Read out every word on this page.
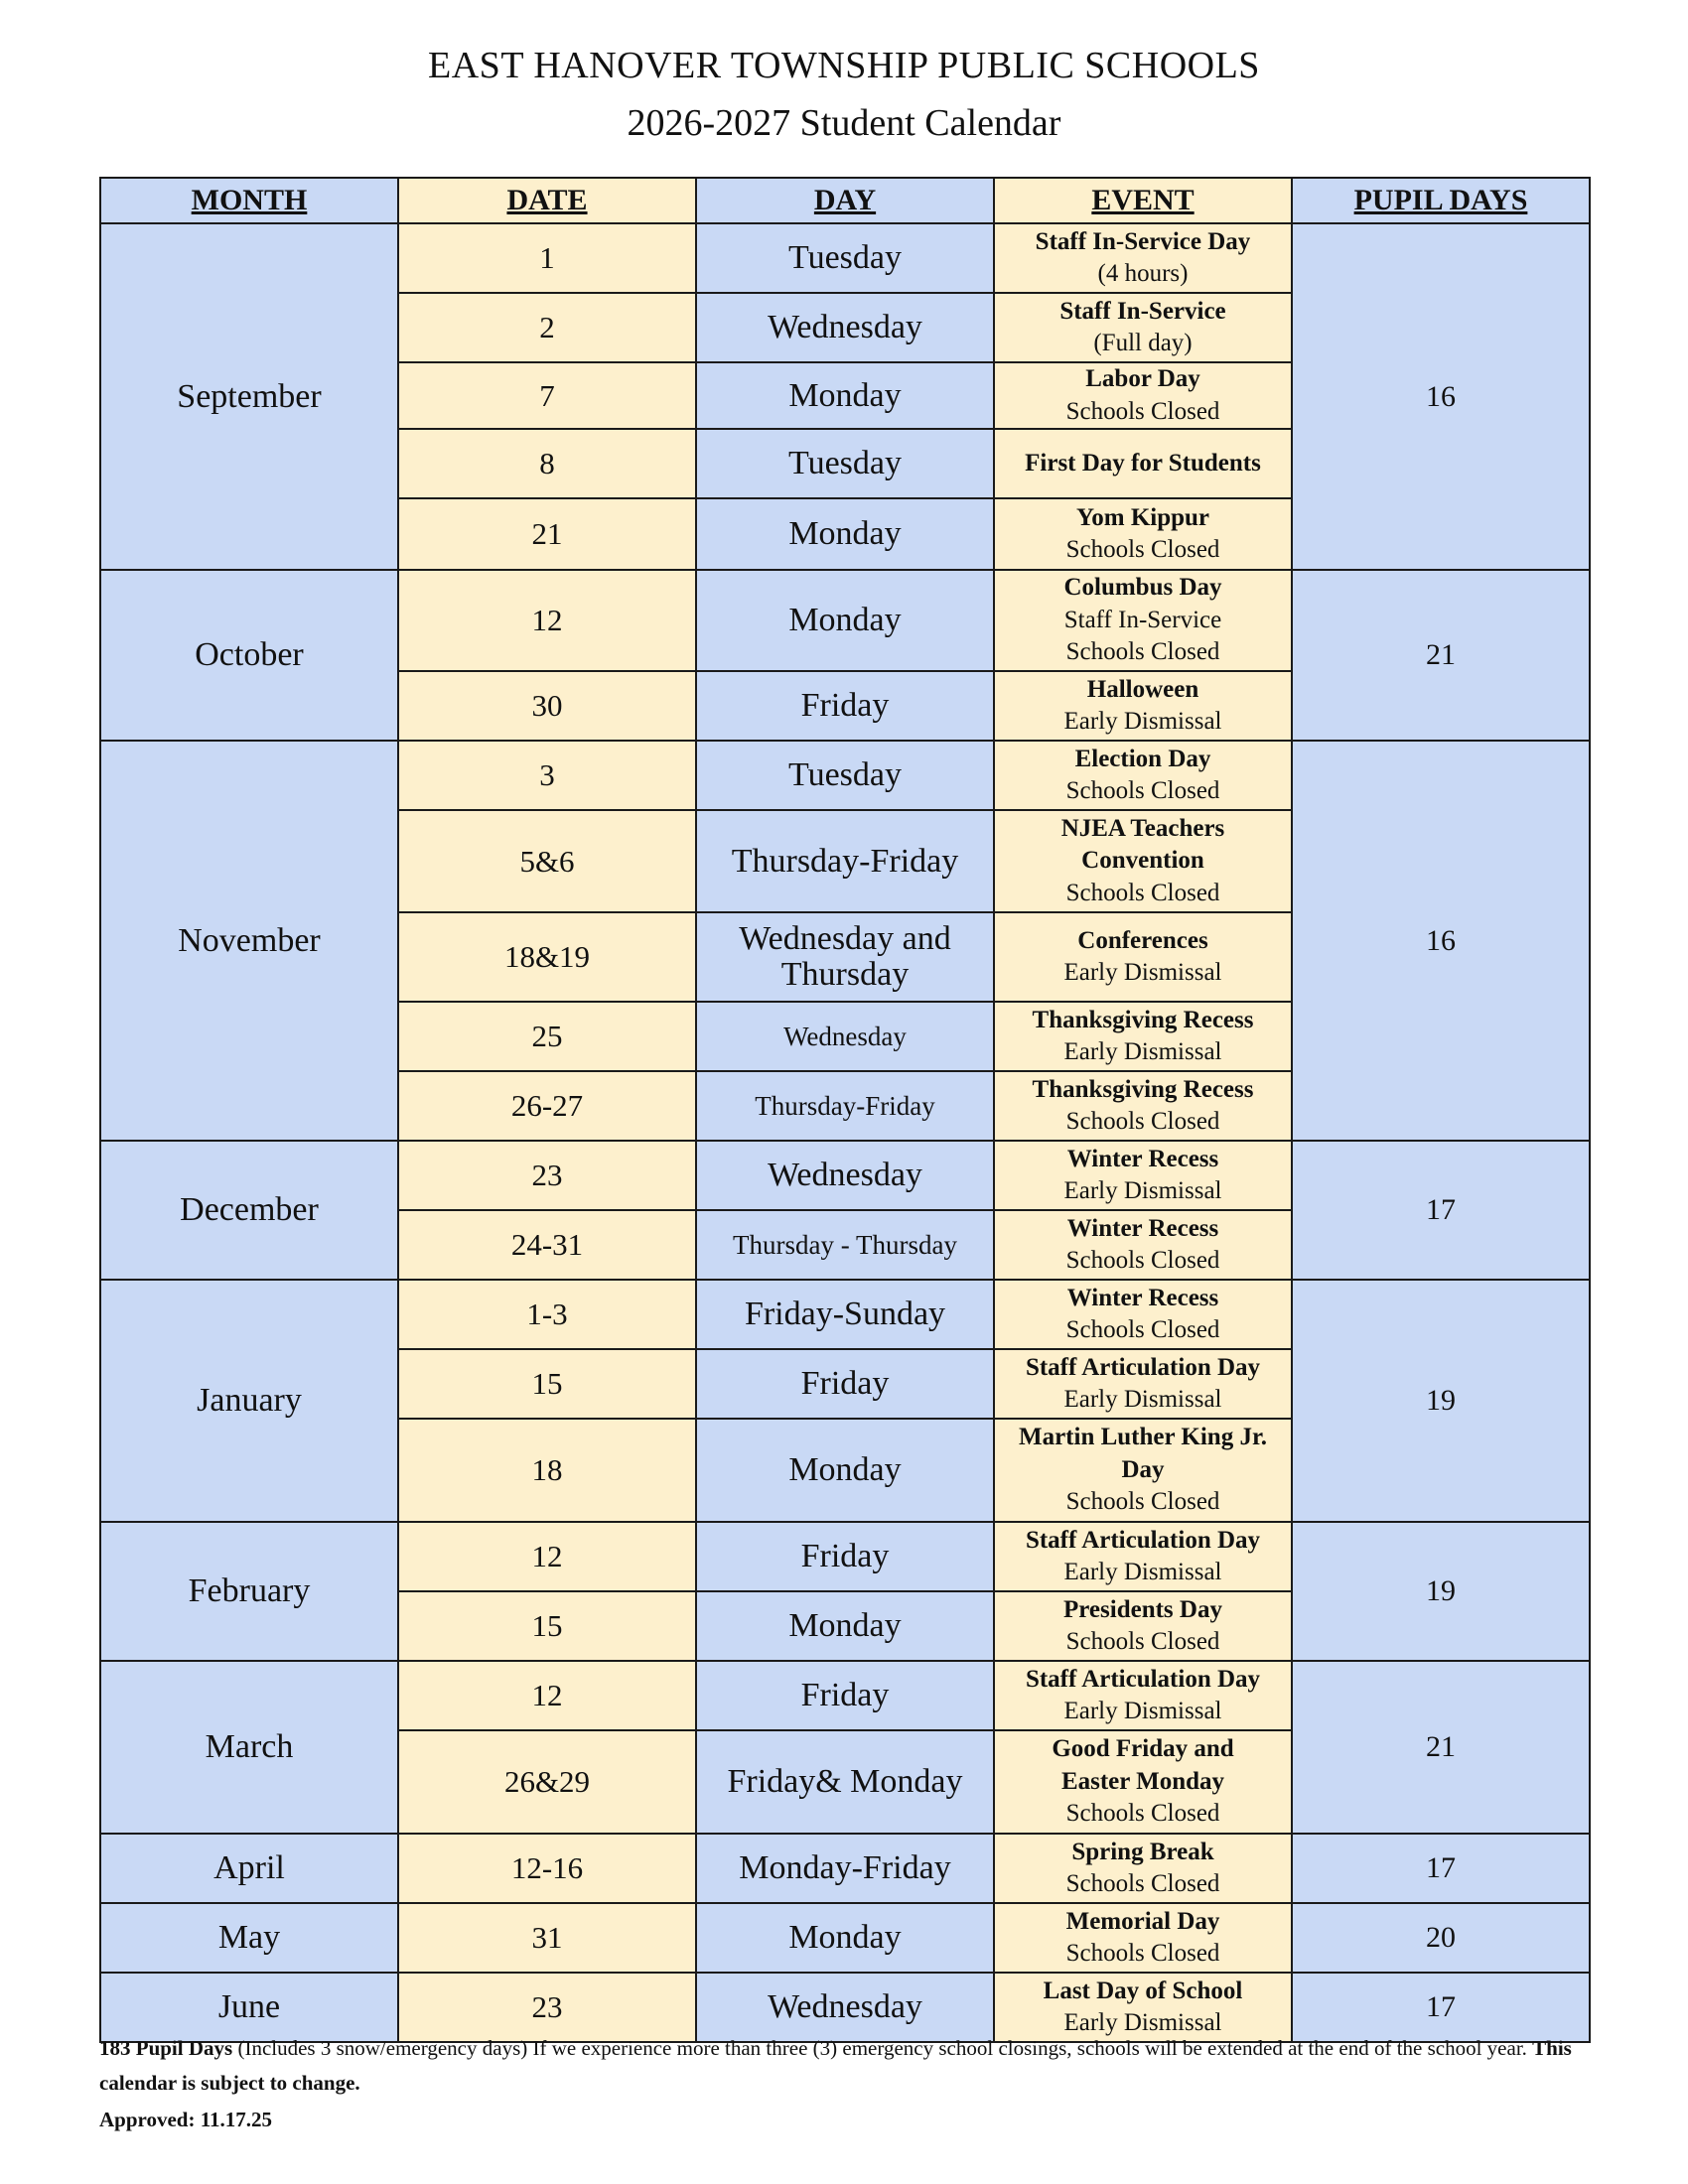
EAST HANOVER TOWNSHIP PUBLIC SCHOOLS
2026-2027 Student Calendar
MONTH	DATE	DAY	EVENT	PUPIL DAYS
September	1	Tuesday	Staff In-Service Day
(4 hours)	16
	2	Wednesday	Staff In-Service
(Full day)	

	7	Monday	Labor Day
Schools Closed	

	8	Tuesday	First Day for Students	

	21	Monday	Yom Kippur
Schools Closed	

October	12	Monday	Columbus Day
Staff In-Service
Schools Closed	21
	30	Friday	Halloween
Early Dismissal	

November	3	Tuesday	Election Day
Schools Closed	16
	5&6	Thursday-Friday	NJEA Teachers
Convention
Schools Closed	

	18&19	Wednesday and Thursday	Conferences
Early Dismissal	

	25	Wednesday	Thanksgiving Recess
Early Dismissal	

	26-27	Thursday-Friday	Thanksgiving Recess
Schools Closed	

December	23	Wednesday	Winter Recess
Early Dismissal	17
	24-31	Thursday - Thursday	Winter Recess
Schools Closed	

January	1-3	Friday-Sunday	Winter Recess
Schools Closed	19
	15	Friday	Staff Articulation Day
Early Dismissal	

	18	Monday	Martin Luther King Jr.
Day
Schools Closed	

February	12	Friday	Staff Articulation Day
Early Dismissal	19
	15	Monday	Presidents Day
Schools Closed	

March	12	Friday	Staff Articulation Day
Early Dismissal	21
	26&29	Friday& Monday	Good Friday and
Easter Monday
Schools Closed	

April	12-16	Monday-Friday	Spring Break
Schools Closed	17
May	31	Monday	Memorial Day
Schools Closed	20
June	23	Wednesday	Last Day of School
Early Dismissal	17
183 Pupil Days (Includes 3 snow/emergency days) If we experience more than three (3) emergency school closings, schools will be extended at the end of the school year. This calendar is subject to change.
Approved: 11.17.25
